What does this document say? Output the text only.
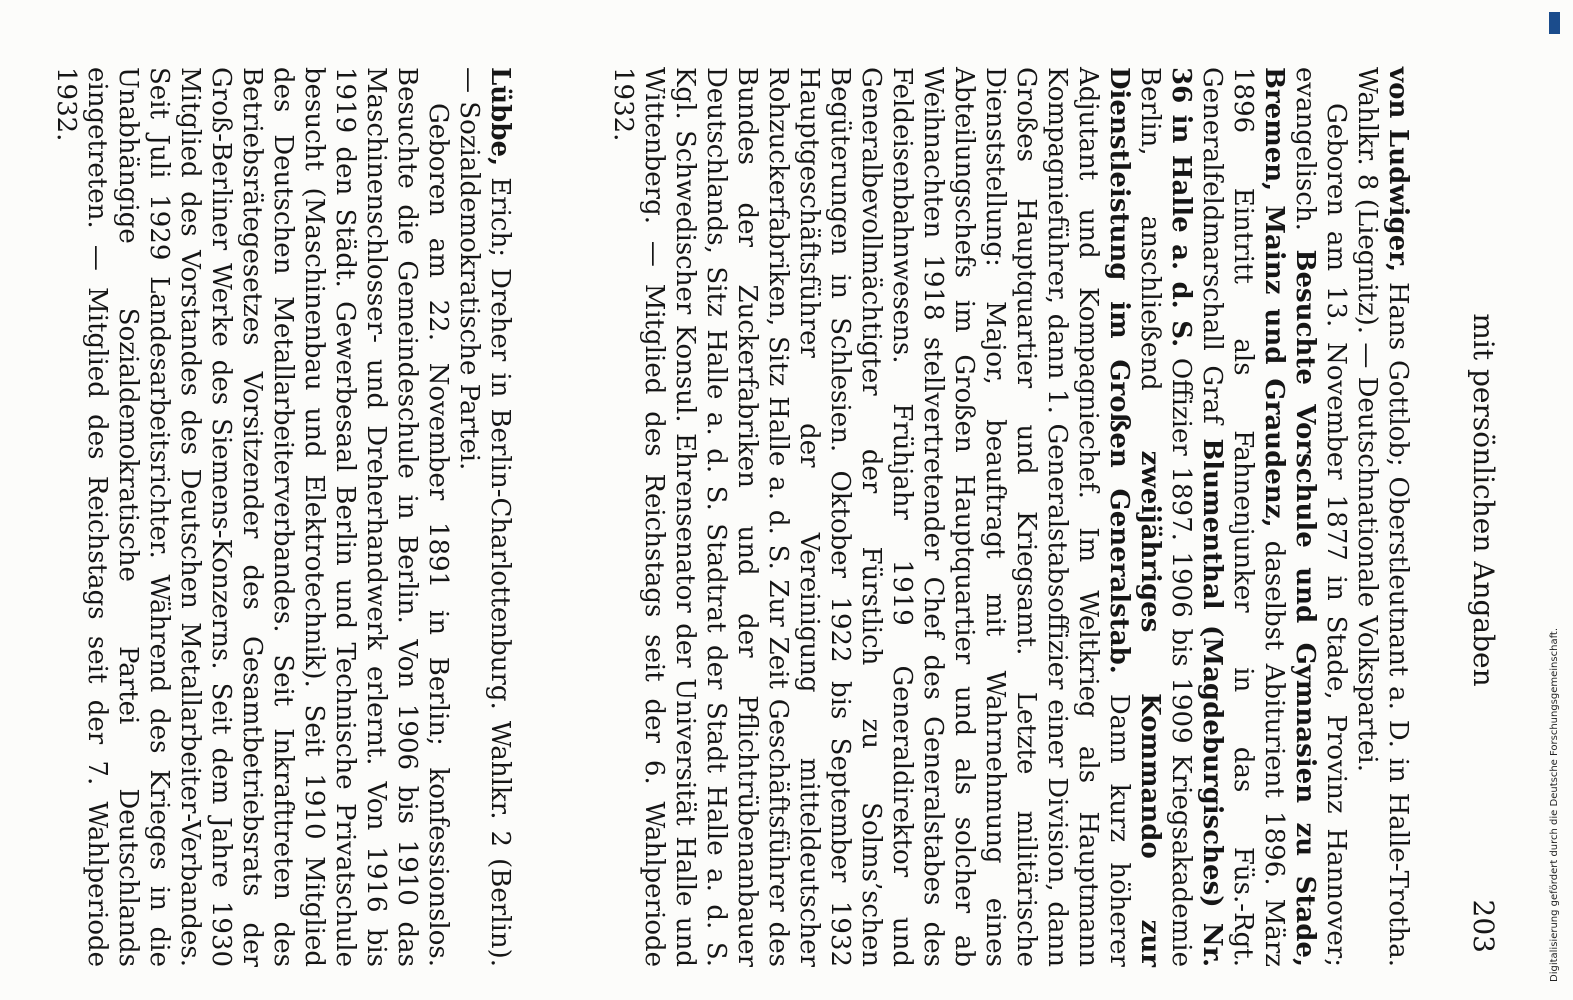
mit persönlichen Angaben
203

von Ludwiger, Hans Gottlob; Oberstleutnant a. D. in Halle-Trotha. Wahlkr. 8 (Liegnitz). — Deutschnationale Volkspartei.

Geboren am 13. November 1877 in Stade, Provinz Hannover; evangelisch. Besuchte Vorschule und Gymnasien zu Stade, Bremen, Mainz und Graudenz, daselbst Abiturient 1896. März 1896 Eintritt als Fahnenjunker in das Füs.-Rgt. Generalfeldmarschall Graf Blumenthal (Magdeburgisches) Nr. 36 in Halle a. d. S. Offizier 1897. 1906 bis 1909 Kriegsakademie Berlin, anschließend zweijähriges Kommando zur Dienstleistung im Großen Generalstab. Dann kurz höherer Adjutant und Kompagniechef. Im Weltkrieg als Hauptmann Kompagnieführer, dann 1. Generalstabsoffizier einer Division, dann Großes Hauptquartier und Kriegsamt. Letzte militärische Dienststellung: Major, beauftragt mit Wahrnehmung eines Abteilungschefs im Großen Hauptquartier und als solcher ab Weihnachten 1918 stellvertretender Chef des Generalstabes des Feldeisenbahnwesens. Frühjahr 1919 Generaldirektor und Generalbevollmächtigter der Fürstlich zu Solms’schen Begüterungen in Schlesien. Oktober 1922 bis September 1932 Hauptgeschäftsführer der Vereinigung mitteldeutscher Rohzuckerfabriken, Sitz Halle a. d. S. Zur Zeit Geschäftsführer des Bundes der Zuckerfabriken und der Pflichtrübenanbauer Deutschlands, Sitz Halle a. d. S. Stadtrat der Stadt Halle a. d. S. Kgl. Schwedischer Konsul. Ehrensenator der Universität Halle und Wittenberg. — Mitglied des Reichstags seit der 6. Wahlperiode 1932.

Lübbe, Erich; Dreher in Berlin-Charlottenburg. Wahlkr. 2 (Berlin). — Sozialdemokratische Partei.

Geboren am 22. November 1891 in Berlin; konfessionslos. Besuchte die Gemeindeschule in Berlin. Von 1906 bis 1910 das Maschinenschlosser- und Dreherhandwerk erlernt. Von 1916 bis 1919 den Städt. Gewerbesaal Berlin und Technische Privatschule besucht (Maschinenbau und Elektrotechnik). Seit 1910 Mitglied des Deutschen Metallarbeiterverbandes. Seit Inkrafttreten des Betriebsrätegesetzes Vorsitzender des Gesamtbetriebsrats der Groß-Berliner Werke des Siemens-Konzerns. Seit dem Jahre 1930 Mitglied des Vorstandes des Deutschen Metallarbeiter-Verbandes. Seit Juli 1929 Landesarbeitsrichter. Während des Krieges in die Unabhängige Sozialdemokratische Partei Deutschlands eingetreten. — Mitglied des Reichstags seit der 7. Wahlperiode 1932.

Digitalisierung gefördert durch die Deutsche Forschungsgemeinschaft.
